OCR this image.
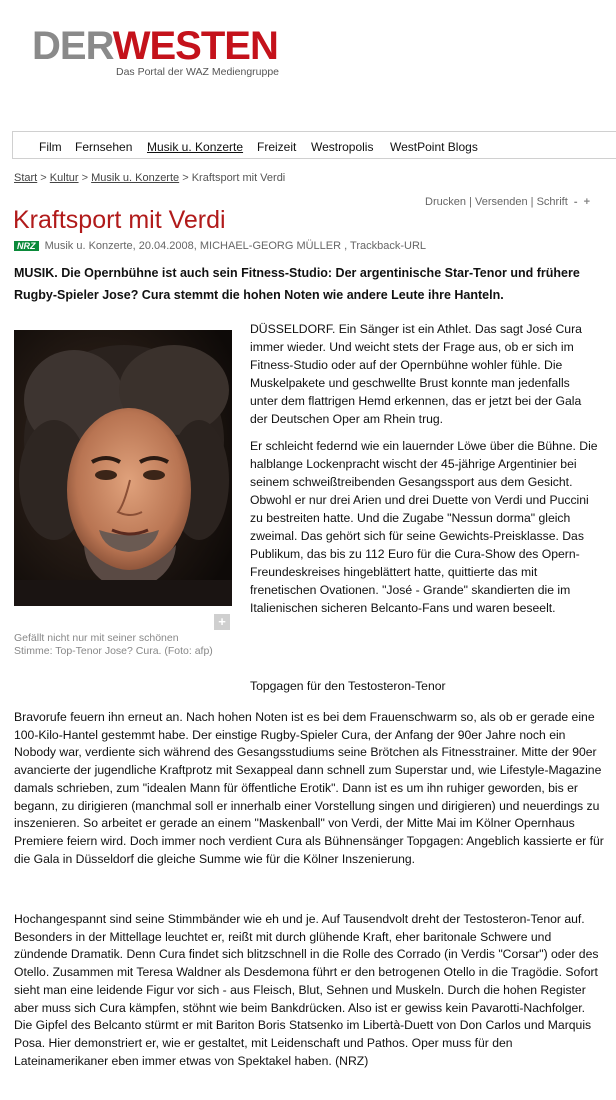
DERWESTEN
Das Portal der WAZ Mediengruppe
Film Fernsehen Musik u. Konzerte Freizeit Westropolis WestPoint Blogs
Start > Kultur > Musik u. Konzerte > Kraftsport mit Verdi
Drucken | Versenden | Schrift - +
Kraftsport mit Verdi
NRZ Musik u. Konzerte, 20.04.2008, MICHAEL-GEORG MÜLLER , Trackback-URL
MUSIK. Die Opernbühne ist auch sein Fitness-Studio: Der argentinische Star-Tenor und frühere Rugby-Spieler Jose? Cura stemmt die hohen Noten wie andere Leute ihre Hanteln.
+
Gefällt nicht nur mit seiner schönen Stimme: Top-Tenor Jose? Cura. (Foto: afp)

DÜSSELDORF. Ein Sänger ist ein Athlet. Das sagt José Cura immer wieder. Und weicht stets der Frage aus, ob er sich im Fitness-Studio oder auf der Opernbühne wohler fühle. Die Muskelpakete und geschwellte Brust konnte man jedenfalls unter dem flattrigen Hemd erkennen, das er jetzt bei der Gala der Deutschen Oper am Rhein trug.

Er schleicht federnd wie ein lauernder Löwe über die Bühne. Die halblange Lockenpracht wischt der 45-jährige Argentinier bei seinem schweißtreibenden Gesangssport aus dem Gesicht. Obwohl er nur drei Arien und drei Duette von Verdi und Puccini zu bestreiten hatte. Und die Zugabe "Nessun dorma" gleich zweimal. Das gehört sich für seine Gewichts-Preisklasse. Das Publikum, das bis zu 112 Euro für die Cura-Show des Opern-Freundeskreises hingeblättert hatte, quittierte das mit frenetischen Ovationen. "José - Grande" skandierten die im Italienischen sicheren Belcanto-Fans und waren beseelt.

Topgagen für den Testosteron-Tenor

Bravorufe feuern ihn erneut an. Nach hohen Noten ist es bei dem Frauenschwarm so, als ob er gerade eine 100-Kilo-Hantel gestemmt habe. Der einstige Rugby-Spieler Cura, der Anfang der 90er Jahre noch ein Nobody war, verdiente sich während des Gesangsstudiums seine Brötchen als Fitnesstrainer. Mitte der 90er avancierte der jugendliche Kraftprotz mit Sexappeal dann schnell zum Superstar und, wie Lifestyle-Magazine damals schrieben, zum "idealen Mann für öffentliche Erotik". Dann ist es um ihn ruhiger geworden, bis er begann, zu dirigieren (manchmal soll er innerhalb einer Vorstellung singen und dirigieren) und neuerdings zu inszenieren. So arbeitet er gerade an einem "Maskenball" von Verdi, der Mitte Mai im Kölner Opernhaus Premiere feiern wird. Doch immer noch verdient Cura als Bühnensänger Topgagen: Angeblich kassierte er für die Gala in Düsseldorf die gleiche Summe wie für die Kölner Inszenierung.

Hochangespannt sind seine Stimmbänder wie eh und je. Auf Tausendvolt dreht der Testosteron-Tenor auf. Besonders in der Mittellage leuchtet er, reißt mit durch glühende Kraft, eher baritonale Schwere und zündende Dramatik. Denn Cura findet sich blitzschnell in die Rolle des Corrado (in Verdis "Corsar") oder des Otello. Zusammen mit Teresa Waldner als Desdemona führt er den betrogenen Otello in die Tragödie. Sofort sieht man eine leidende Figur vor sich - aus Fleisch, Blut, Sehnen und Muskeln. Durch die hohen Register aber muss sich Cura kämpfen, stöhnt wie beim Bankdrücken. Also ist er gewiss kein Pavarotti-Nachfolger. Die Gipfel des Belcanto stürmt er mit Bariton Boris Statsenko im Libertà-Duett von Don Carlos und Marquis Posa. Hier demonstriert er, wie er gestaltet, mit Leidenschaft und Pathos. Oper muss für den Lateinamerikaner eben immer etwas von Spektakel haben. (NRZ)
